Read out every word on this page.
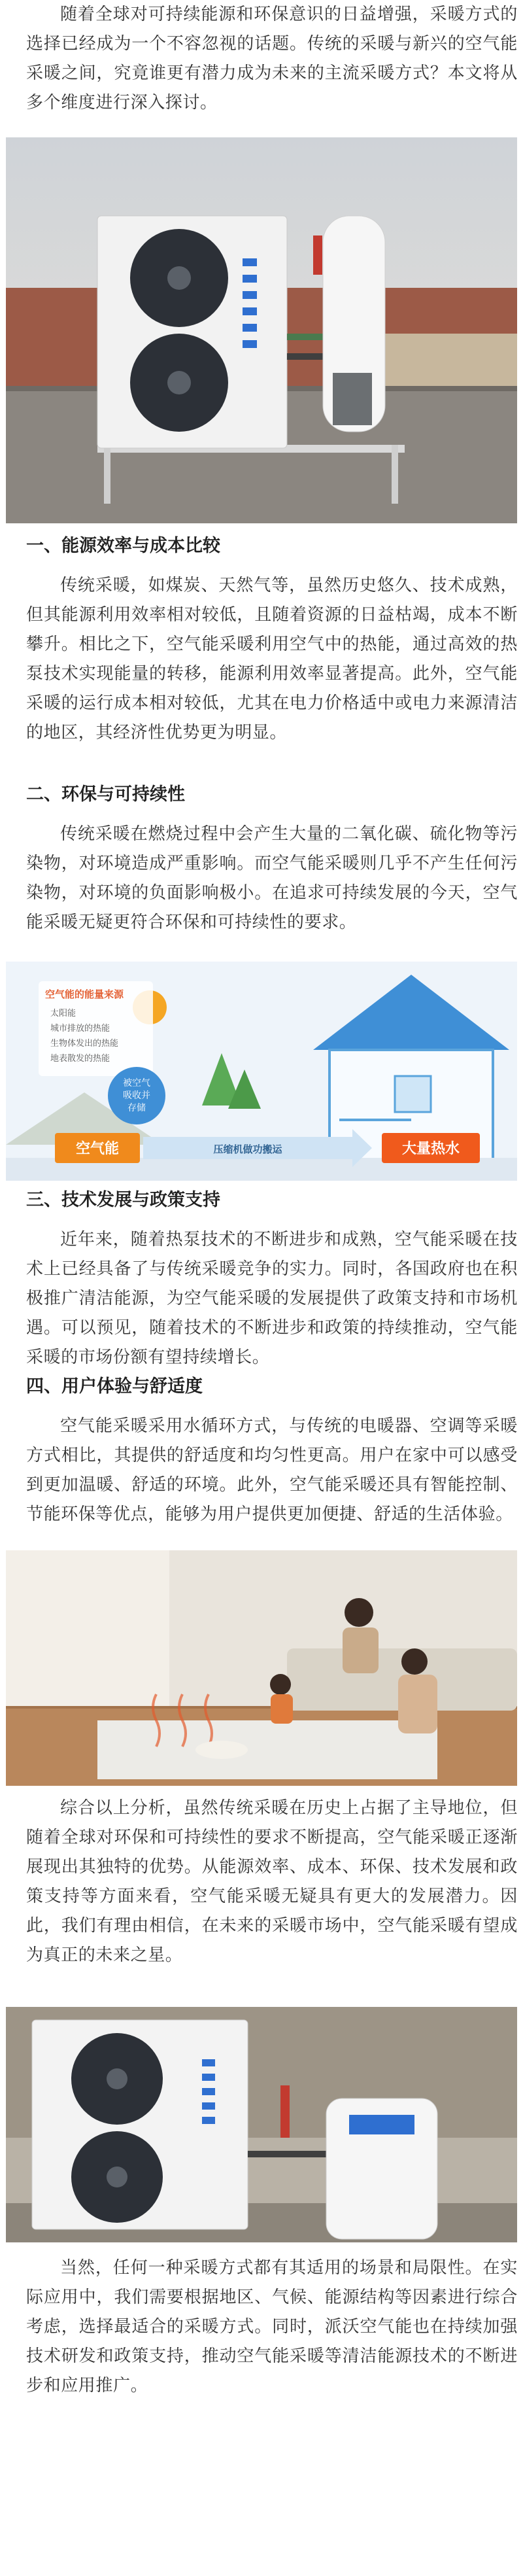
随着全球对可持续能源和环保意识的日益增强，采暖方式的选择已经成为一个不容忽视的话题。传统的采暖与新兴的空气能采暖之间，究竟谁更有潜力成为未来的主流采暖方式？本文将从多个维度进行深入探讨。

一、能源效率与成本比较

传统采暖，如煤炭、天然气等，虽然历史悠久、技术成熟，但其能源利用效率相对较低，且随着资源的日益枯竭，成本不断攀升。相比之下，空气能采暖利用空气中的热能，通过高效的热泵技术实现能量的转移，能源利用效率显著提高。此外，空气能采暖的运行成本相对较低，尤其在电力价格适中或电力来源清洁的地区，其经济性优势更为明显。

二、环保与可持续性

传统采暖在燃烧过程中会产生大量的二氧化碳、硫化物等污染物，对环境造成严重影响。而空气能采暖则几乎不产生任何污染物，对环境的负面影响极小。在追求可持续发展的今天，空气能采暖无疑更符合环保和可持续性的要求。

空气能的能量来源
太阳能
城市排放的热能
生物体发出的热能
地表散发的热能
被空气
吸收并
存储
空气能	压缩机做功搬运	大量热水
三、技术发展与政策支持

近年来，随着热泵技术的不断进步和成熟，空气能采暖在技术上已经具备了与传统采暖竞争的实力。同时，各国政府也在积极推广清洁能源，为空气能采暖的发展提供了政策支持和市场机遇。可以预见，随着技术的不断进步和政策的持续推动，空气能采暖的市场份额有望持续增长。

四、用户体验与舒适度

空气能采暖采用水循环方式，与传统的电暖器、空调等采暖方式相比，其提供的舒适度和均匀性更高。用户在家中可以感受到更加温暖、舒适的环境。此外，空气能采暖还具有智能控制、节能环保等优点，能够为用户提供更加便捷、舒适的生活体验。

综合以上分析，虽然传统采暖在历史上占据了主导地位，但随着全球对环保和可持续性的要求不断提高，空气能采暖正逐渐展现出其独特的优势。从能源效率、成本、环保、技术发展和政策支持等方面来看，空气能采暖无疑具有更大的发展潜力。因此，我们有理由相信，在未来的采暖市场中，空气能采暖有望成为真正的未来之星。

当然，任何一种采暖方式都有其适用的场景和局限性。在实际应用中，我们需要根据地区、气候、能源结构等因素进行综合考虑，选择最适合的采暖方式。同时，派沃空气能也在持续加强技术研发和政策支持，推动空气能采暖等清洁能源技术的不断进步和应用推广。
